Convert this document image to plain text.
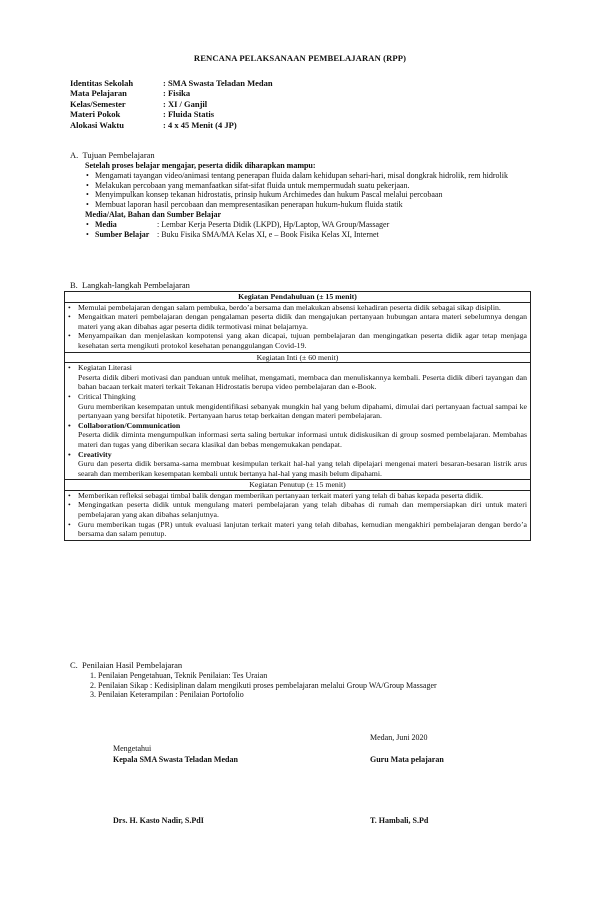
RENCANA PELAKSANAAN PEMBELAJARAN (RPP)
Identitas Sekolah	: SMA Swasta Teladan Medan
Mata Pelajaran	: Fisika
Kelas/Semester	: XI / Ganjil
Materi Pokok	: Fluida Statis
Alokasi Waktu	: 4 x 45 Menit (4 JP)
A. Tujuan Pembelajaran
Setelah proses belajar mengajar, peserta didik diharapkan mampu:
• Mengamati tayangan video/animasi tentang penerapan fluida dalam kehidupan sehari-hari, misal dongkrak hidrolik, rem hidrolik
• Melakukan percobaan yang memanfaatkan sifat-sifat fluida untuk mempermudah suatu pekerjaan.
• Menyimpulkan konsep tekanan hidrostatis, prinsip hukum Archimedes dan hukum Pascal melalui percobaan
• Membuat laporan hasil percobaan dan mempresentasikan penerapan hukum-hukum fluida statik
Media/Alat, Bahan dan Sumber Belajar
• Media	: Lembar Kerja Peserta Didik (LKPD), Hp/Laptop, WA Group/Massager
• Sumber Belajar : Buku Fisika SMA/MA Kelas XI, e – Book Fisika Kelas XI, Internet
B. Langkah-langkah Pembelajaran
Kegiatan Pendahuluan (± 15 menit)

• Memulai pembelajaran dengan salam pembuka, berdo’a bersama dan melakukan absensi kehadiran peserta didik sebagai sikap disiplin.
• Mengaitkan materi pembelajaran dengan pengalaman peserta didik dan mengajukan pertanyaan hubungan antara materi sebelumnya dengan materi yang akan dibahas agar peserta didik termotivasi minat belajarnya.
• Menyampaikan dan menjelaskan kompotensi yang akan dicapai, tujuan pembelajaran dan mengingatkan peserta didik agar tetap menjaga kesehatan serta mengikuti protokol kesehatan penanggulangan Covid-19.

Kegiatan Inti (± 60 menit)

• Kegiatan Literasi
Peserta didik diberi motivasi dan panduan untuk melihat, mengamati, membaca dan menuliskannya kembali. Peserta didik diberi tayangan dan bahan bacaan terkait materi terkait Tekanan Hidrostatis berupa video pembelajaran dan e-Book.
• Critical Thingking
Guru memberikan kesempatan untuk mengidentifikasi sebanyak mungkin hal yang belum dipahami, dimulai dari pertanyaan factual sampai ke pertanyaan yang bersifat hipotetik. Pertanyaan harus tetap berkaitan dengan materi pembelajaran.
• Collaboration/Communication
Peserta didik diminta mengumpulkan informasi serta saling bertukar informasi untuk didiskusikan di group sosmed pembelajaran. Membahas materi dan tugas yang diberikan secara klasikal dan bebas mengemukakan pendapat.
• Creativity
Guru dan peserta didik bersama-sama membuat kesimpulan terkait hal-hal yang telah dipelajari mengenai materi besaran-besaran listrik arus searah dan memberikan kesempatan kembali untuk bertanya hal-hal yang masih belum dipahami.

Kegiatan Penutup (± 15 menit)

• Memberikan refleksi sebagai timbal balik dengan memberikan pertanyaan terkait materi yang telah di bahas kepada peserta didik.
• Mengingatkan peserta didik untuk mengulang materi pembelajaran yang telah dibahas di rumah dan mempersiapkan diri untuk materi pembelajaran yang akan dibahas selanjutnya.
• Guru memberikan tugas (PR) untuk evaluasi lanjutan terkait materi yang telah dibahas, kemudian mengakhiri pembelajaran dengan berdo’a bersama dan salam penutup.
C. Penilaian Hasil Pembelajaran
1. Penilaian Pengetahuan, Teknik Penilaian: Tes Uraian
2. Penilaian Sikap : Kedisiplinan dalam mengikuti proses pembelajaran melalui Group WA/Group Massager
3. Penilaian Keterampilan : Penilaian Portofolio
Medan, Juni 2020
Mengetahui
Kepala SMA Swasta Teladan Medan	Guru Mata pelajaran
Drs. H. Kasto Nadir, S.PdI	T. Hambali, S.Pd
